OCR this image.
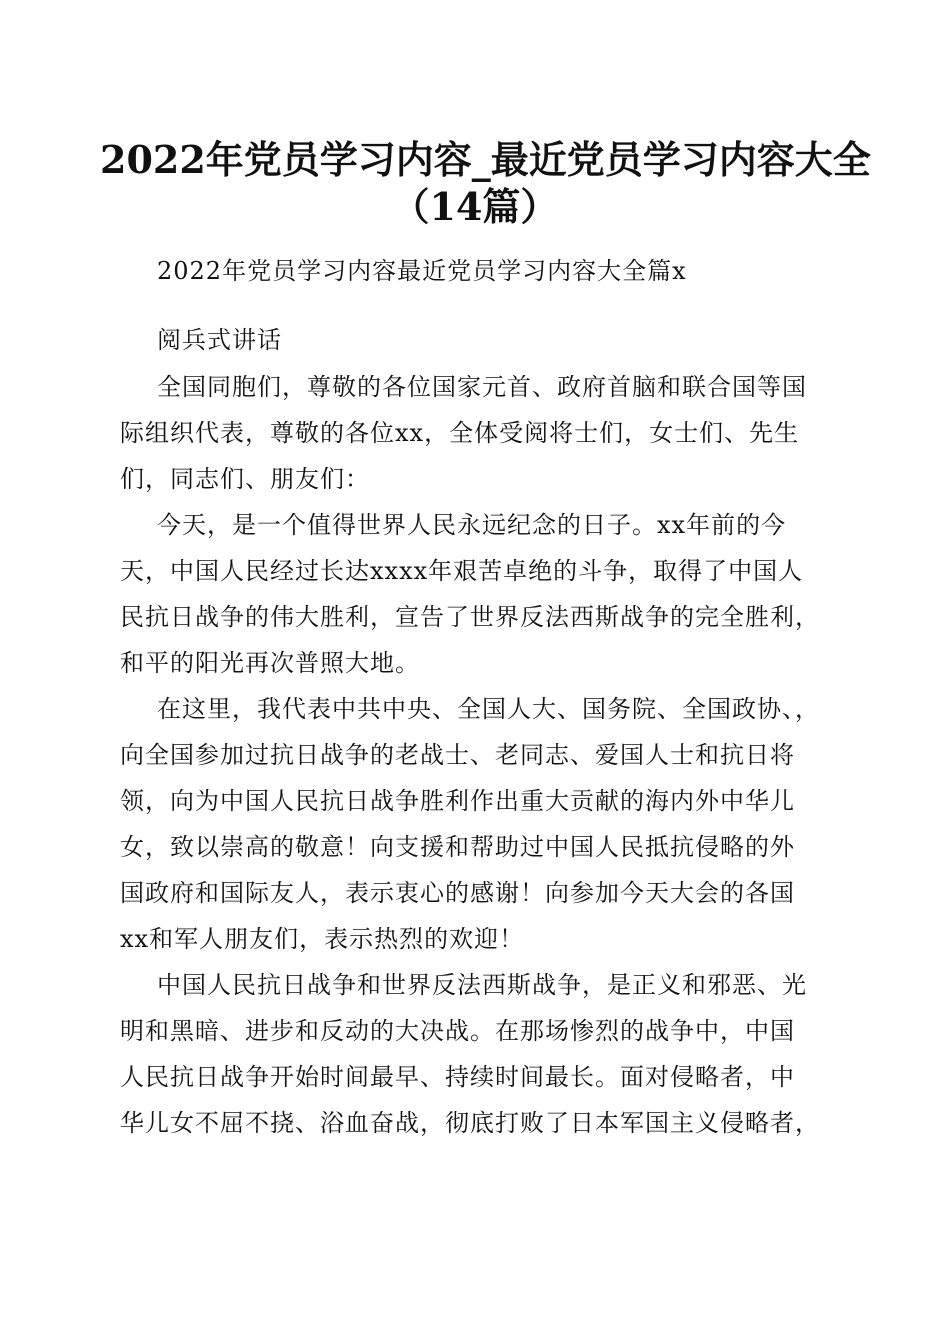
2022年党员学习内容_最近党员学习内容大全
（14篇）
2022年党员学习内容最近党员学习内容大全篇x
阅兵式讲话
全国同胞们，尊敬的各位国家元首、政府首脑和联合国等国
际组织代表，尊敬的各位xx，全体受阅将士们，女士们、先生
们，同志们、朋友们：
今天，是一个值得世界人民永远纪念的日子。xx年前的今
天，中国人民经过长达xxxx年艰苦卓绝的斗争，取得了中国人
民抗日战争的伟大胜利，宣告了世界反法西斯战争的完全胜利，
和平的阳光再次普照大地。
在这里，我代表中共中央、全国人大、国务院、全国政协、，
向全国参加过抗日战争的老战士、老同志、爱国人士和抗日将
领，向为中国人民抗日战争胜利作出重大贡献的海内外中华儿
女，致以崇高的敬意！向支援和帮助过中国人民抵抗侵略的外
国政府和国际友人，表示衷心的感谢！向参加今天大会的各国
xx和军人朋友们，表示热烈的欢迎！
中国人民抗日战争和世界反法西斯战争，是正义和邪恶、光
明和黑暗、进步和反动的大决战。在那场惨烈的战争中，中国
人民抗日战争开始时间最早、持续时间最长。面对侵略者，中
华儿女不屈不挠、浴血奋战，彻底打败了日本军国主义侵略者，
